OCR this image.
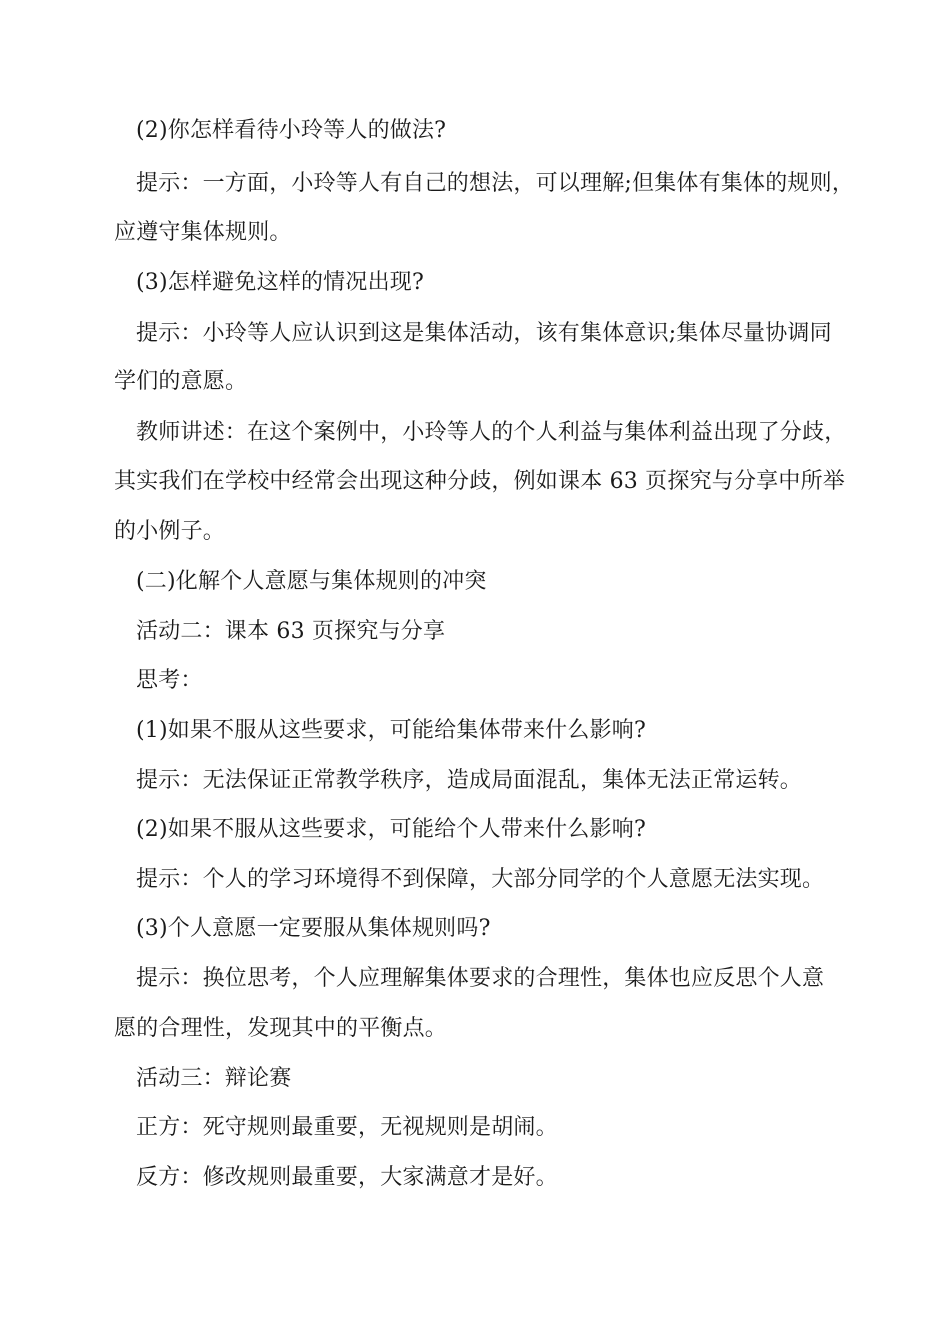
(2)你怎样看待小玲等人的做法?
提示：一方面，小玲等人有自己的想法，可以理解;但集体有集体的规则，
应遵守集体规则。
(3)怎样避免这样的情况出现?
提示：小玲等人应认识到这是集体活动，该有集体意识;集体尽量协调同
学们的意愿。
教师讲述：在这个案例中，小玲等人的个人利益与集体利益出现了分歧，
其实我们在学校中经常会出现这种分歧，例如课本 63 页探究与分享中所举
的小例子。
(二)化解个人意愿与集体规则的冲突
活动二：课本 63 页探究与分享
思考：
(1)如果不服从这些要求，可能给集体带来什么影响?
提示：无法保证正常教学秩序，造成局面混乱，集体无法正常运转。
(2)如果不服从这些要求，可能给个人带来什么影响?
提示：个人的学习环境得不到保障，大部分同学的个人意愿无法实现。
(3)个人意愿一定要服从集体规则吗?
提示：换位思考，个人应理解集体要求的合理性，集体也应反思个人意
愿的合理性，发现其中的平衡点。
活动三：辩论赛
正方：死守规则最重要，无视规则是胡闹。
反方：修改规则最重要，大家满意才是好。
